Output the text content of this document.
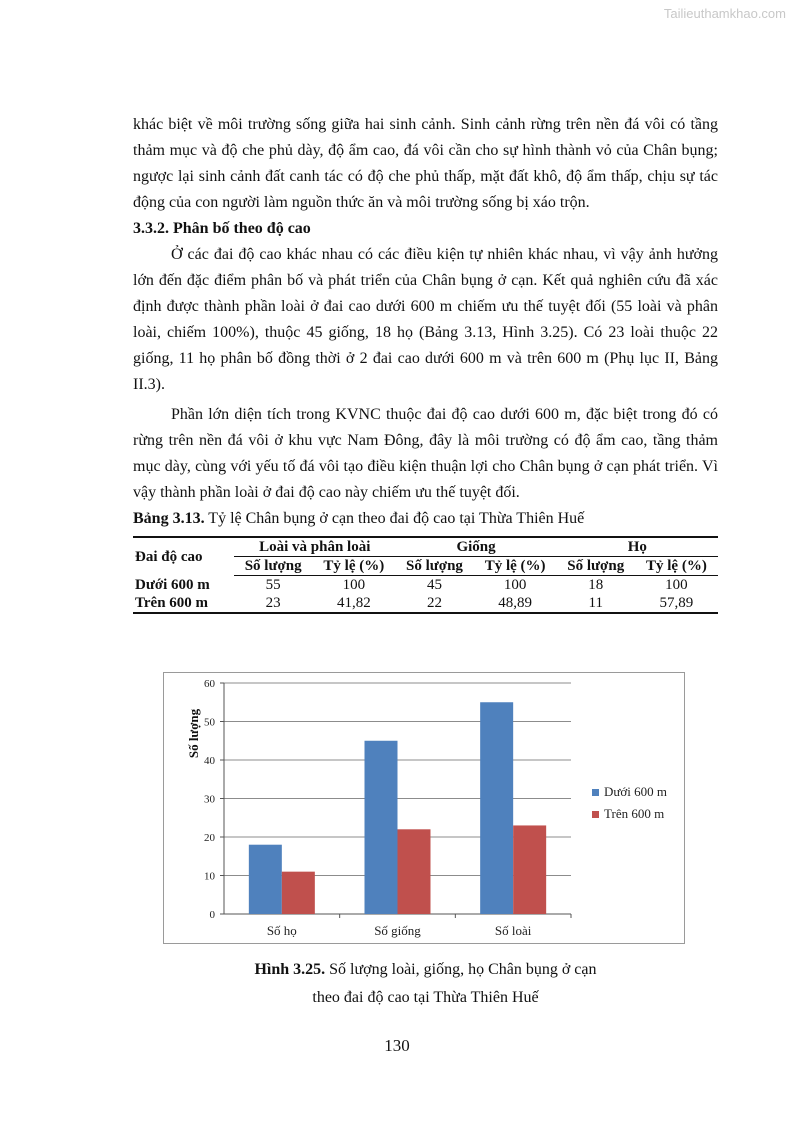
Tailieuthamkhao.com

khác biệt về môi trường sống giữa hai sinh cảnh. Sinh cảnh rừng trên nền đá vôi có tầng thảm mục và độ che phủ dày, độ ẩm cao, đá vôi cần cho sự hình thành vỏ của Chân bụng; ngược lại sinh cảnh đất canh tác có độ che phủ thấp, mặt đất khô, độ ẩm thấp, chịu sự tác động của con người làm nguồn thức ăn và môi trường sống bị xáo trộn.

3.3.2. Phân bố theo độ cao

Ở các đai độ cao khác nhau có các điều kiện tự nhiên khác nhau, vì vậy ảnh hưởng lớn đến đặc điểm phân bố và phát triển của Chân bụng ở cạn. Kết quả nghiên cứu đã xác định được thành phần loài ở đai cao dưới 600 m chiếm ưu thế tuyệt đối (55 loài và phân loài, chiếm 100%), thuộc 45 giống, 18 họ (Bảng 3.13, Hình 3.25). Có 23 loài thuộc 22 giống, 11 họ phân bố đồng thời ở 2 đai cao dưới 600 m và trên 600 m (Phụ lục II, Bảng II.3).

Phần lớn diện tích trong KVNC thuộc đai độ cao dưới 600 m, đặc biệt trong đó có rừng trên nền đá vôi ở khu vực Nam Đông, đây là môi trường có độ ẩm cao, tầng thảm mục dày, cùng với yếu tố đá vôi tạo điều kiện thuận lợi cho Chân bụng ở cạn phát triển. Vì vậy thành phần loài ở đai độ cao này chiếm ưu thế tuyệt đối.

Bảng 3.13. Tỷ lệ Chân bụng ở cạn theo đai độ cao tại Thừa Thiên Huế

Đai độ cao	Loài và phân loài		Giống		Họ	
	Số lượng	Tỷ lệ (%)	Số lượng	Tỷ lệ (%)	Số lượng	Tỷ lệ (%)
Dưới 600 m	55	100	45	100	18	100
Trên 600 m	23	41,82	22	48,89	11	57,89
0
10
20
30
40
50
60
Số lượng
Số họ	Số giống	Số loài
Dưới 600 m
Trên 600 m
Hình 3.25. Số lượng loài, giống, họ Chân bụng ở cạn
theo đai độ cao tại Thừa Thiên Huế
130
